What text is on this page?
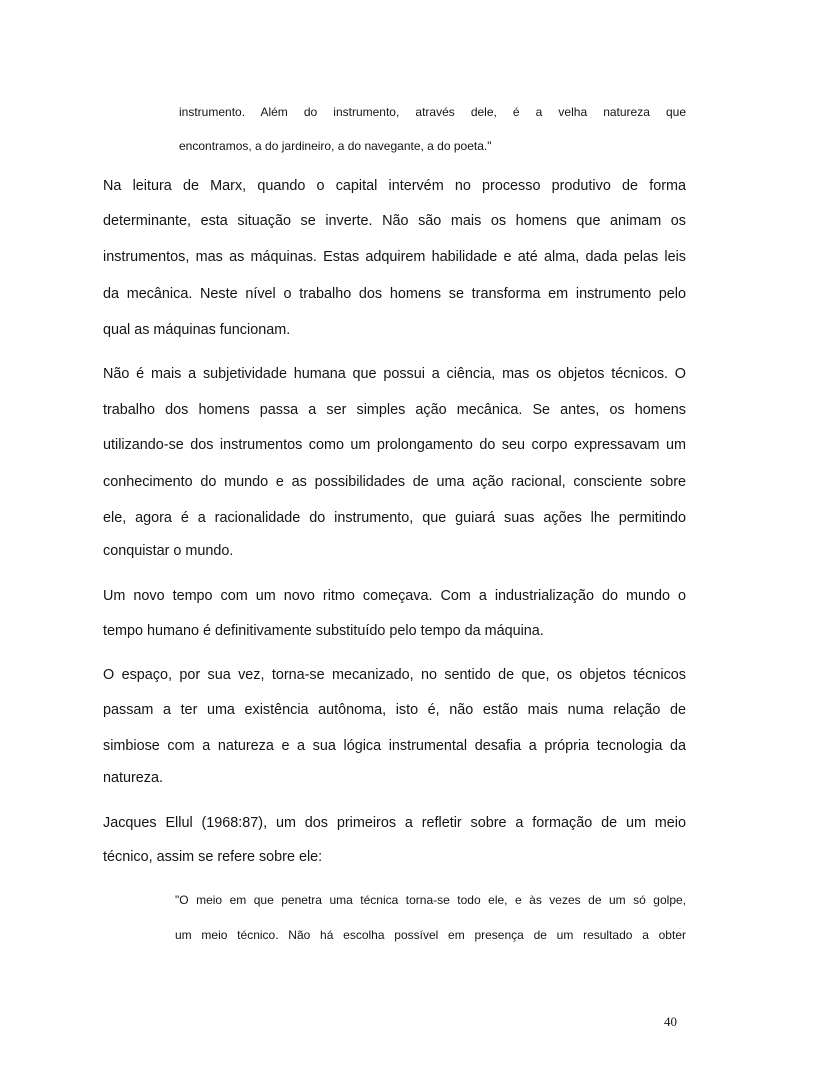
instrumento. Além do instrumento, através dele, é a velha natureza que
encontramos, a do jardineiro, a do navegante, a do poeta."
Na leitura de Marx, quando o capital intervém no processo produtivo de forma
determinante, esta situação se inverte. Não são mais os homens que animam os
instrumentos, mas as máquinas. Estas adquirem habilidade e até alma, dada pelas leis
da mecânica. Neste nível o trabalho dos homens se transforma em instrumento pelo
qual as máquinas funcionam.
Não é mais a subjetividade humana que possui a ciência, mas os objetos técnicos. O
trabalho dos homens passa a ser simples ação mecânica. Se antes, os homens
utilizando-se dos instrumentos como um prolongamento do seu corpo expressavam um
conhecimento do mundo e as possibilidades de uma ação racional, consciente sobre
ele, agora é a racionalidade do instrumento, que guiará suas ações lhe permitindo
conquistar o mundo.
Um novo tempo com um novo ritmo começava. Com a industrialização do mundo o
tempo humano é definitivamente substituído pelo tempo da máquina.
O espaço, por sua vez, torna-se mecanizado, no sentido de que, os objetos técnicos
passam a ter uma existência autônoma, isto é, não estão mais numa relação de
simbiose com a natureza e a sua lógica instrumental desafia a própria tecnologia da
natureza.
Jacques Ellul (1968:87), um dos primeiros a refletir sobre a formação de um meio
técnico, assim se refere sobre ele:
"O meio em que penetra uma técnica torna-se todo ele, e às vezes de um só golpe,
um meio técnico. Não há escolha possível em presença de um resultado a obter
40
